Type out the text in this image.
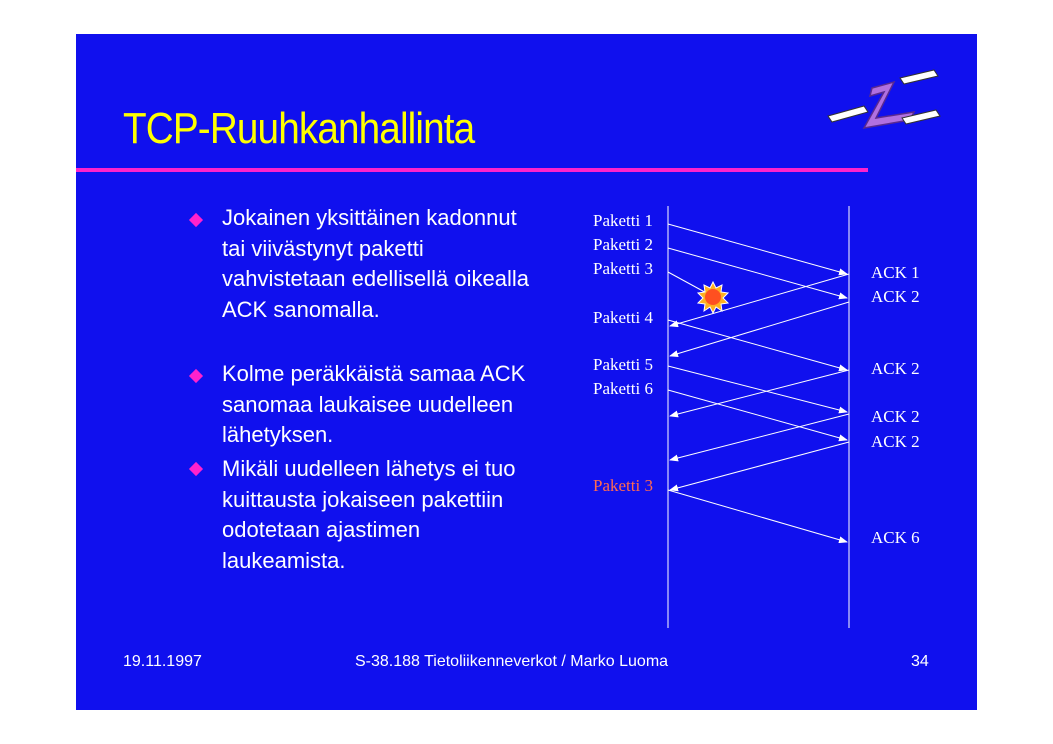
TCP-Ruuhkanhallinta
Jokainen yksittäinen kadonnut tai viivästynyt paketti vahvistetaan edellisellä oikealla ACK sanomalla.
Kolme peräkkäistä samaa ACK sanomaa laukaisee uudelleen lähetyksen.
Mikäli uudelleen lähetys ei tuo kuittausta jokaiseen pakettiin odotetaan ajastimen laukeamista.
Paketti 1
Paketti 2
Paketti 3
Paketti 4
Paketti 5
Paketti 6
Paketti 3
ACK 1
ACK 2
ACK 2
ACK 2
ACK 2
ACK 6
19.11.1997	S-38.188 Tietoliikenneverkot / Marko Luoma	34
